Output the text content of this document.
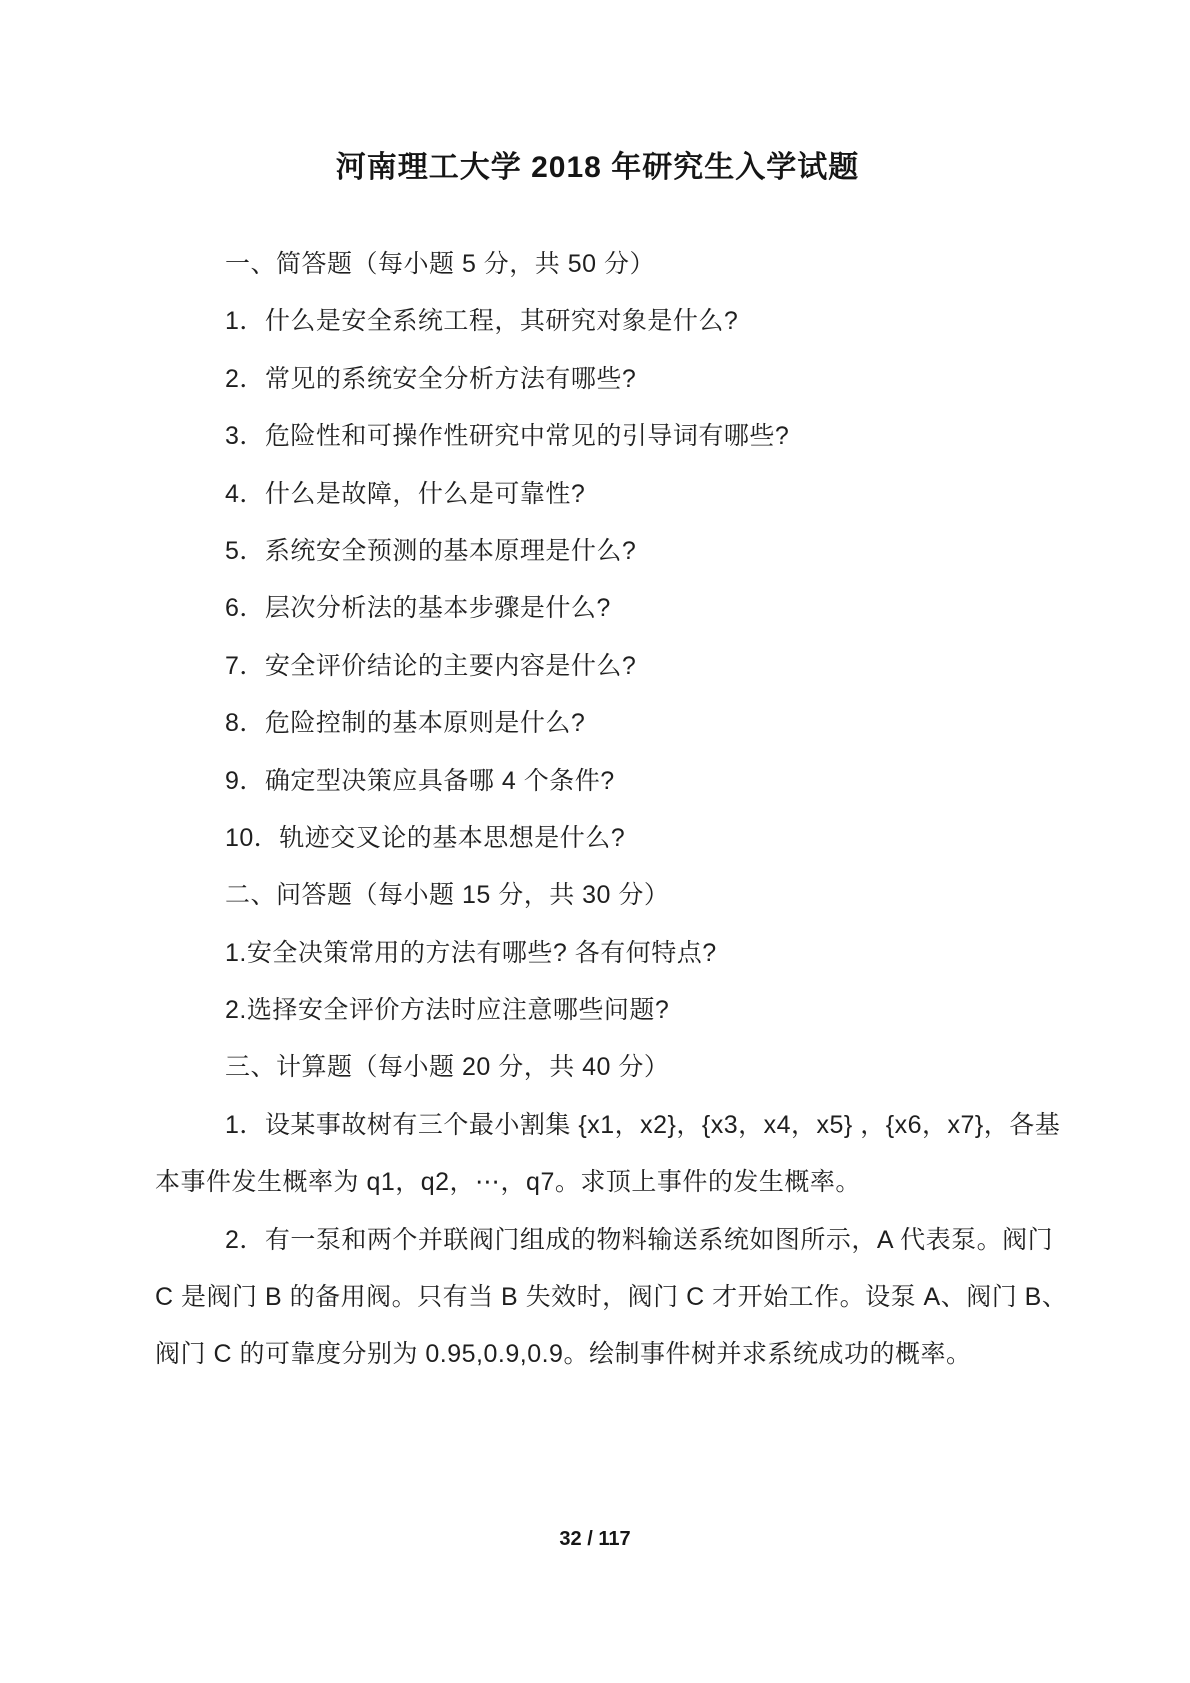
河南理工大学 2018 年研究生入学试题
一、简答题（每小题 5 分，共 50 分）
1．什么是安全系统工程，其研究对象是什么?
2．常见的系统安全分析方法有哪些?
3．危险性和可操作性研究中常见的引导词有哪些?
4．什么是故障，什么是可靠性?
5．系统安全预测的基本原理是什么?
6．层次分析法的基本步骤是什么?
7．安全评价结论的主要内容是什么?
8．危险控制的基本原则是什么?
9．确定型决策应具备哪 4 个条件?
10．轨迹交叉论的基本思想是什么?
二、问答题（每小题 15 分，共 30 分）
1.安全决策常用的方法有哪些? 各有何特点?
2.选择安全评价方法时应注意哪些问题?
三、计算题（每小题 20 分，共 40 分）
1．设某事故树有三个最小割集 {x1，x2}，{x3，x4，x5} ，{x6，x7}，各基
本事件发生概率为 q1，q2，⋯，q7。求顶上事件的发生概率。
2．有一泵和两个并联阀门组成的物料输送系统如图所示，A 代表泵。阀门
C 是阀门 B 的备用阀。只有当 B 失效时，阀门 C 才开始工作。设泵 A、阀门 B、
阀门 C 的可靠度分别为 0.95,0.9,0.9。绘制事件树并求系统成功的概率。
32 / 117
